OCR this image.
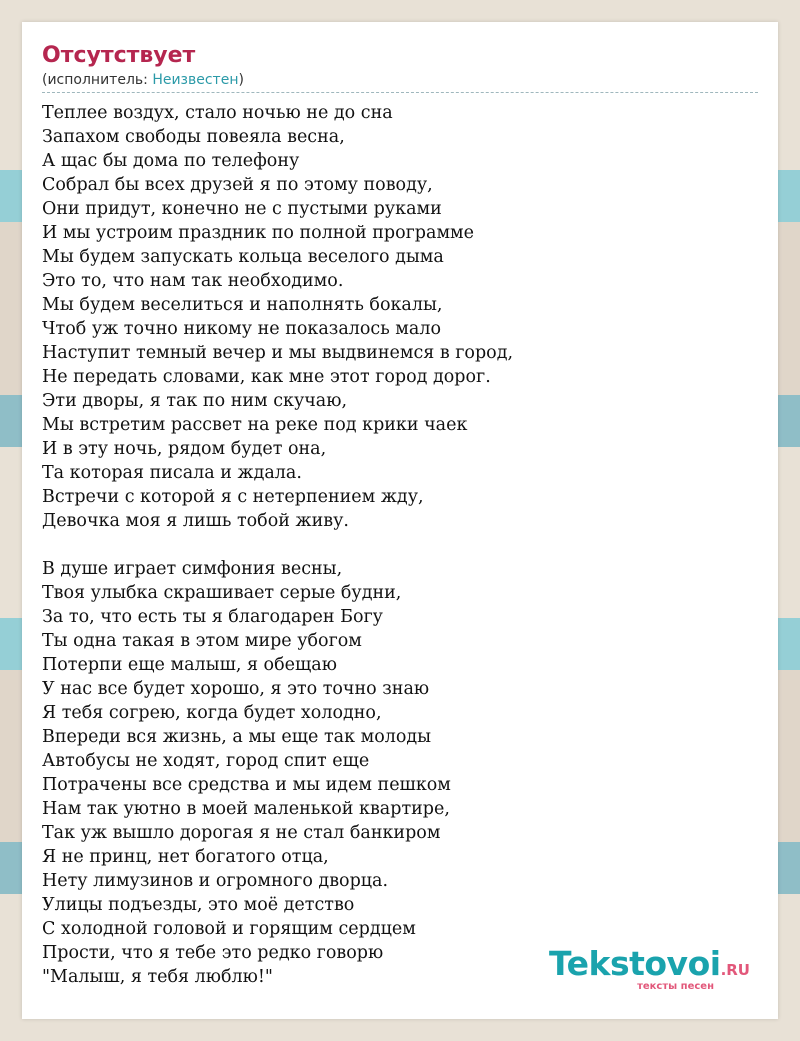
Отсутствует
(исполнитель: Неизвестен)
Теплее воздух, стало ночью не до сна
Запахом свободы повеяла весна,
А щас бы дома по телефону
Собрал бы всех друзей я по этому поводу,
Они придут, конечно не с пустыми руками
И мы устроим праздник по полной программе
Мы будем запускать кольца веселого дыма
Это то, что нам так необходимо.
Мы будем веселиться и наполнять бокалы,
Чтоб уж точно никому не показалось мало
Наступит темный вечер и мы выдвинемся в город,
Не передать словами, как мне этот город дорог.
Эти дворы, я так по ним скучаю,
Мы встретим рассвет на реке под крики чаек
И в эту ночь, рядом будет она,
Та которая писала и ждала.
Встречи с которой я с нетерпением жду,
Девочка моя я лишь тобой живу.
В душе играет симфония весны,
Твоя улыбка скрашивает серые будни,
За то, что есть ты я благодарен Богу
Ты одна такая в этом мире убогом
Потерпи еще малыш, я обещаю
У нас все будет хорошо, я это точно знаю
Я тебя согрею, когда будет холодно,
Впереди вся жизнь, а мы еще так молоды
Автобусы не ходят, город спит еще
Потрачены все средства и мы идем пешком
Нам так уютно в моей маленькой квартире,
Так уж вышло дорогая я не стал банкиром
Я не принц, нет богатого отца,
Нету лимузинов и огромного дворца.
Улицы подъезды, это моё детство
С холодной головой и горящим сердцем
Прости, что я тебе это редко говорю
"Малыш, я тебя люблю!"	Tekstovoi.RU
тексты песен
